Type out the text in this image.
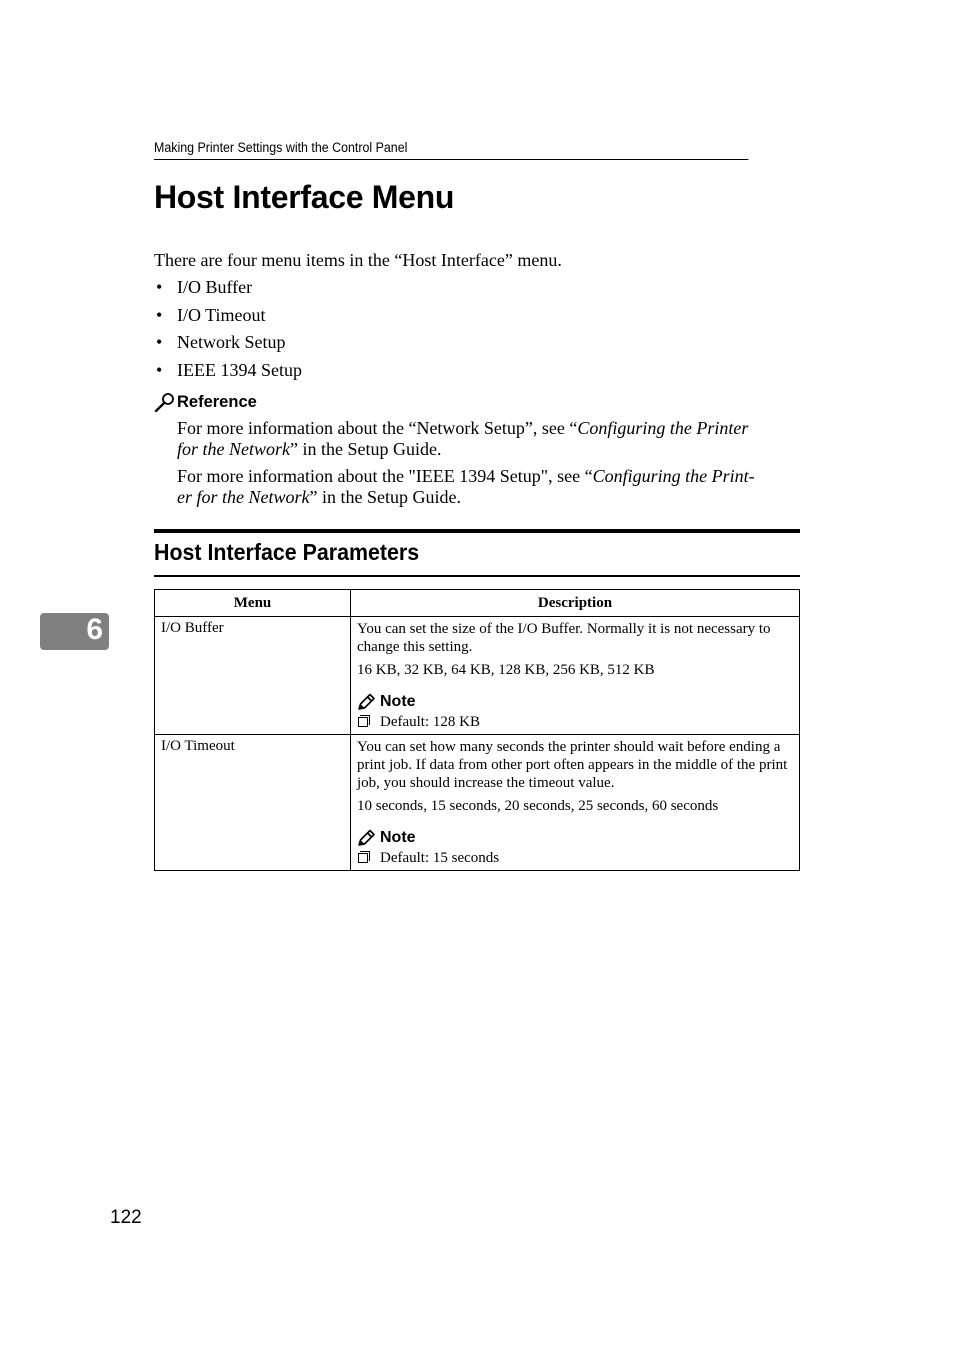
Making Printer Settings with the Control Panel
Host Interface Menu
There are four menu items in the “Host Interface” menu.
• I/O Buffer
• I/O Timeout
• Network Setup
• IEEE 1394 Setup
Reference
For more information about the “Network Setup”, see “Configuring the Printer
for the Network” in the Setup Guide.
For more information about the "IEEE 1394 Setup", see “Configuring the Print-
er for the Network” in the Setup Guide.
Host Interface Parameters
6
Menu	Description
I/O Buffer	You can set the size of the I/O Buffer. Normally it is not necessary to change this setting.

16 KB, 32 KB, 64 KB, 128 KB, 256 KB, 512 KB

Note
Default: 128 KB

I/O Timeout	You can set how many seconds the printer should wait before ending a print job. If data from other port often appears in the middle of the print job, you should increase the timeout value.

10 seconds, 15 seconds, 20 seconds, 25 seconds, 60 seconds

Note
Default: 15 seconds
122
